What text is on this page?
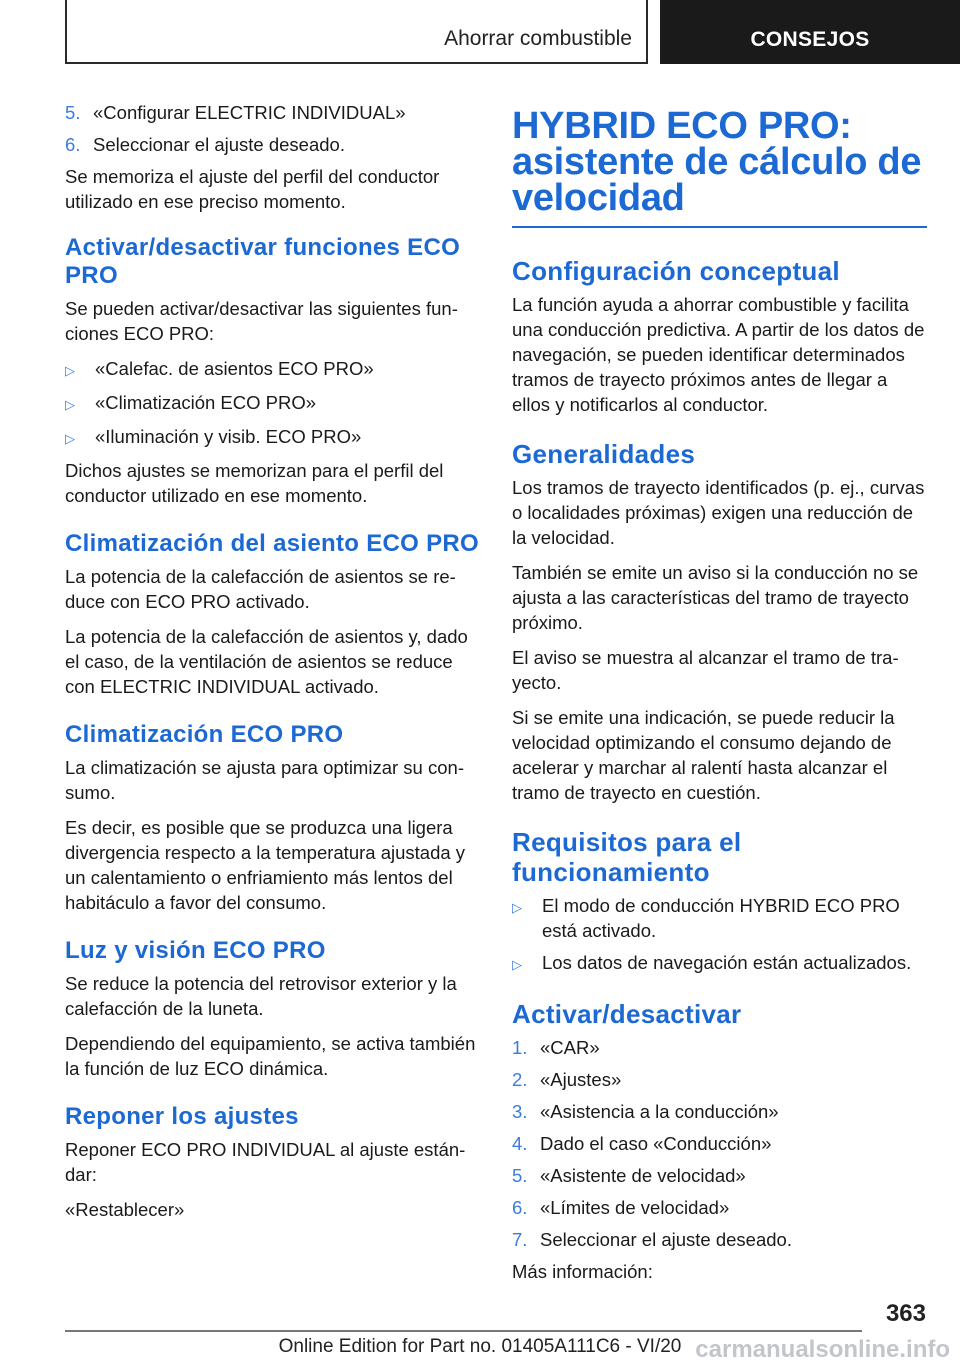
Ahorrar combustible	CONSEJOS
5. «Configurar ELECTRIC INDIVIDUAL»
6. Seleccionar el ajuste deseado.

Se memoriza el ajuste del perfil del conductor utilizado en ese preciso momento.

Activar/desactivar funciones ECO PRO

Se pueden activar/desactivar las siguientes funciones ECO PRO:

▷	«Calefac. de asientos ECO PRO»
▷	«Climatización ECO PRO»
▷	«Iluminación y visib. ECO PRO»

Dichos ajustes se memorizan para el perfil del conductor utilizado en ese momento.

Climatización del asiento ECO PRO

La potencia de la calefacción de asientos se reduce con ECO PRO activado.

La potencia de la calefacción de asientos y, dado el caso, de la ventilación de asientos se reduce con ELECTRIC INDIVIDUAL activado.

Climatización ECO PRO

La climatización se ajusta para optimizar su consumo.

Es decir, es posible que se produzca una ligera divergencia respecto a la temperatura ajustada y un calentamiento o enfriamiento más lentos del habitáculo a favor del consumo.

Luz y visión ECO PRO

Se reduce la potencia del retrovisor exterior y la calefacción de la luneta.

Dependiendo del equipamiento, se activa también la función de luz ECO dinámica.

Reponer los ajustes

Reponer ECO PRO INDIVIDUAL al ajuste estándar:

«Restablecer»

HYBRID ECO PRO: asistente de cálculo de velocidad
Configuración conceptual

La función ayuda a ahorrar combustible y facilita una conducción predictiva. A partir de los datos de navegación, se pueden identificar determinados tramos de trayecto próximos antes de llegar a ellos y notificarlos al conductor.

Generalidades

Los tramos de trayecto identificados (p. ej., curvas o localidades próximas) exigen una reducción de la velocidad.

También se emite un aviso si la conducción no se ajusta a las características del tramo de trayecto próximo.

El aviso se muestra al alcanzar el tramo de trayecto.

Si se emite una indicación, se puede reducir la velocidad optimizando el consumo dejando de acelerar y marchar al ralentí hasta alcanzar el tramo de trayecto en cuestión.

Requisitos para el funcionamiento
▷	El modo de conducción HYBRID ECO PRO está activado.
▷	Los datos de navegación están actualizados.
Activar/desactivar
1. «CAR»
2. «Ajustes»
3. «Asistencia a la conducción»
4. Dado el caso «Conducción»
5. «Asistente de velocidad»
6. «Límites de velocidad»
7. Seleccionar el ajuste deseado.

Más información:

363
Online Edition for Part no. 01405A111C6 - VI/20 carmanualsonline.info
